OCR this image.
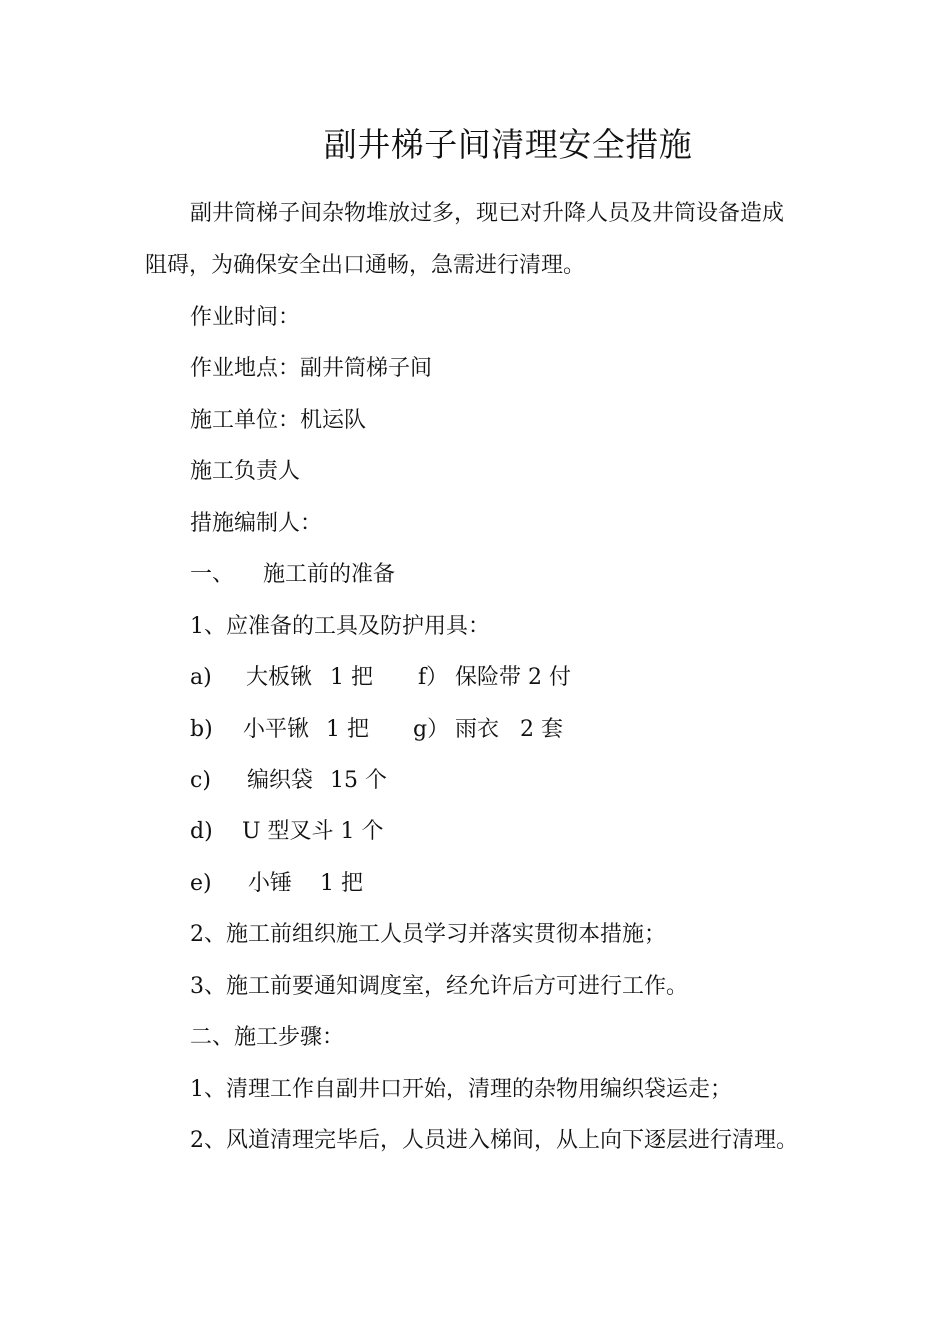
副井梯子间清理安全措施
副井筒梯子间杂物堆放过多，现已对升降人员及井筒设备造成
阻碍，为确保安全出口通畅，急需进行清理。
作业时间：
作业地点：副井筒梯子间
施工单位：机运队
施工负责人
措施编制人：
一、 施工前的准备
1、应准备的工具及防护用具：
a) 大板锹 1 把 f） 保险带 2 付
b) 小平锹 1 把 g） 雨衣 2 套
c) 编织袋 15 个
d) U 型叉斗 1 个
e) 小锤 1 把
2、施工前组织施工人员学习并落实贯彻本措施；
3、施工前要通知调度室，经允许后方可进行工作。
二、施工步骤：
1、清理工作自副井口开始，清理的杂物用编织袋运走；
2、风道清理完毕后，人员进入梯间，从上向下逐层进行清理。
